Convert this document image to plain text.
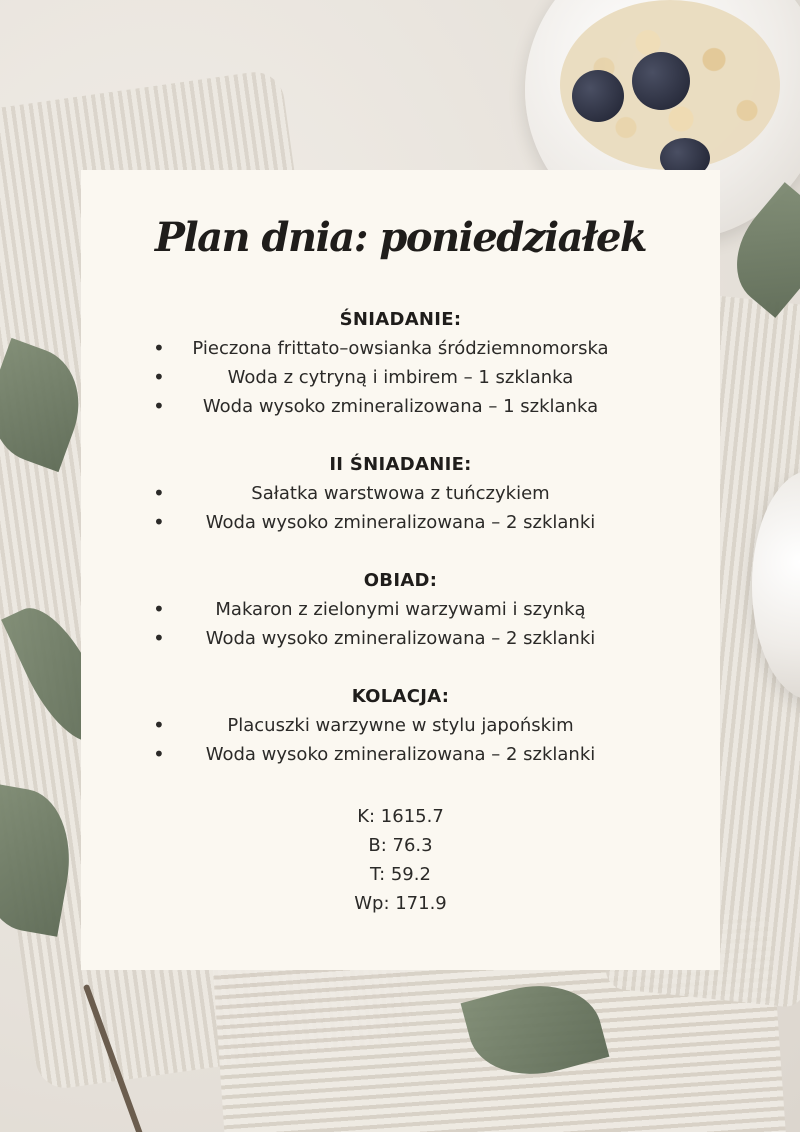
Plan dnia: poniedziałek
ŚNIADANIE:
• Pieczona frittato–owsianka śródziemnomorska
• Woda z cytryną i imbirem – 1 szklanka
• Woda wysoko zmineralizowana – 1 szklanka
II ŚNIADANIE:
• Sałatka warstwowa z tuńczykiem
• Woda wysoko zmineralizowana – 2 szklanki
OBIAD:
• Makaron z zielonymi warzywami i szynką
• Woda wysoko zmineralizowana – 2 szklanki
KOLACJA:
• Placuszki warzywne w stylu japońskim
• Woda wysoko zmineralizowana – 2 szklanki
K: 1615.7
B: 76.3
T: 59.2
Wp: 171.9
